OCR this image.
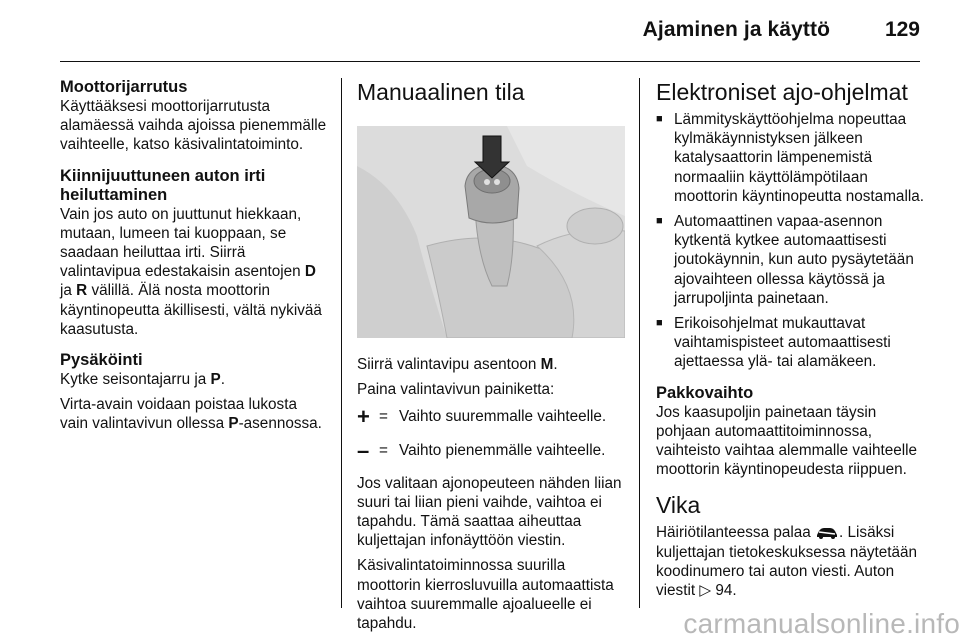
Ajaminen ja käyttö	129
Moottorijarrutus

Käyttääksesi moottorijarrutusta alamäessä vaihda ajoissa pienemmälle vaihteelle, katso käsivalintatoiminto.

Kiinnijuuttuneen auton irti heiluttaminen

Vain jos auto on juuttunut hiekkaan, mutaan, lumeen tai kuoppaan, se saadaan heiluttaa irti. Siirrä valintavipua edestakaisin asentojen D ja R välillä. Älä nosta moottorin käyntinopeutta äkillisesti, vältä nykivää kaasutusta.

Pysäköinti

Kytke seisontajarru ja P.

Virta-avain voidaan poistaa lukosta vain valintavivun ollessa P-asennossa.

Manuaalinen tila

Siirrä valintavipu asentoon M.

Paina valintavivun painiketta:

+ = Vaihto suuremmalle vaihteelle.
– = Vaihto pienemmälle vaihteelle.

Jos valitaan ajonopeuteen nähden liian suuri tai liian pieni vaihde, vaihtoa ei tapahdu. Tämä saattaa aiheuttaa kuljettajan infonäyttöön viestin.

Käsivalintatoiminnossa suurilla moottorin kierrosluvuilla automaattista vaihtoa suuremmalle ajoalueelle ei tapahdu.

Elektroniset ajo-ohjelmat
■ Lämmityskäyttöohjelma nopeuttaa kylmäkäynnistyksen jälkeen katalysaattorin lämpenemistä normaaliin käyttölämpötilaan moottorin käyntinopeutta nostamalla.
■ Automaattinen vapaa-asennon kytkentä kytkee automaattisesti joutokäynnin, kun auto pysäytetään ajovaihteen ollessa käytössä ja jarrupoljinta painetaan.
■ Erikoisohjelmat mukauttavat vaihtamispisteet automaattisesti ajettaessa ylä- tai alamäkeen.
Pakkovaihto

Jos kaasupoljin painetaan täysin pohjaan automaattitoiminnossa, vaihteisto vaihtaa alemmalle vaihteelle moottorin käyntinopeudesta riippuen.

Vika

Häiriötilanteessa palaa . Lisäksi kuljettajan tietokeskuksessa näytetään koodinumero tai auton viesti. Auton viestit ▷ 94.

carmanualsonline.info
